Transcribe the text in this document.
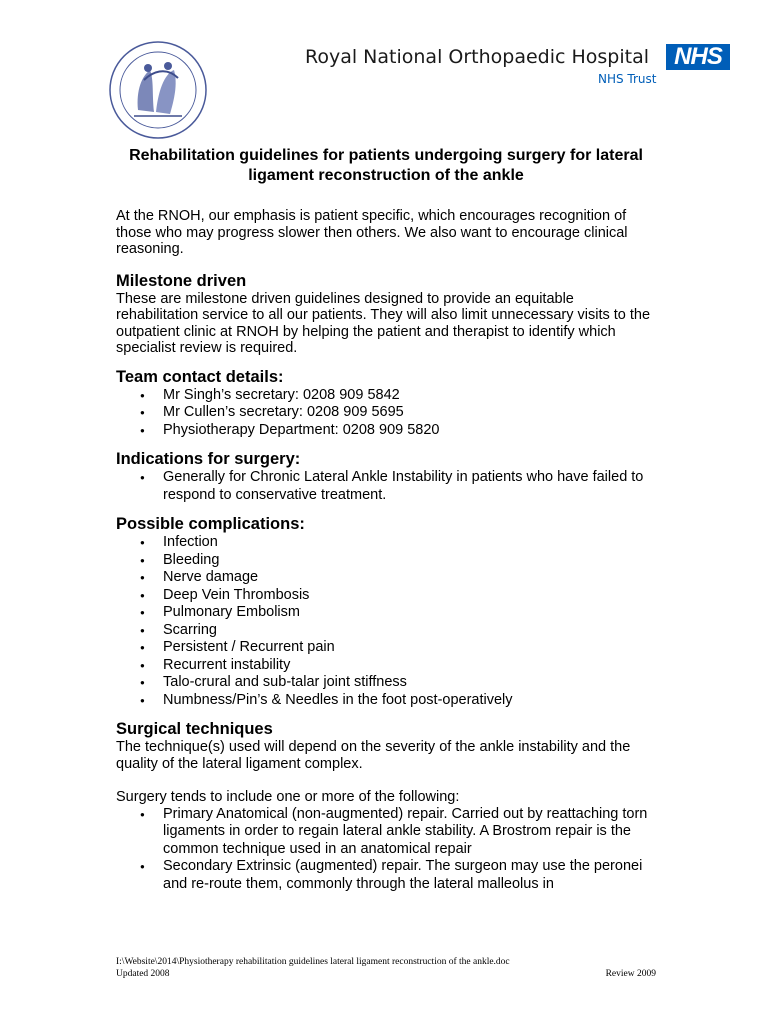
Royal National Orthopaedic Hospital
NHS Trust
NHS
Rehabilitation guidelines for patients undergoing surgery for lateral ligament reconstruction of the ankle

At the RNOH, our emphasis is patient specific, which encourages recognition of those who may progress slower then others. We also want to encourage clinical reasoning.

Milestone driven

These are milestone driven guidelines designed to provide an equitable rehabilitation service to all our patients. They will also limit unnecessary visits to the outpatient clinic at RNOH by helping the patient and therapist to identify which specialist review is required.

Team contact details:
● Mr Singh’s secretary: 0208 909 5842
● Mr Cullen’s secretary: 0208 909 5695
● Physiotherapy Department: 0208 909 5820
Indications for surgery:
● Generally for Chronic Lateral Ankle Instability in patients who have failed to respond to conservative treatment.
Possible complications:
● Infection
● Bleeding
● Nerve damage
● Deep Vein Thrombosis
● Pulmonary Embolism
● Scarring
● Persistent / Recurrent pain
● Recurrent instability
● Talo-crural and sub-talar joint stiffness
● Numbness/Pin’s & Needles in the foot post-operatively
Surgical techniques

The technique(s) used will depend on the severity of the ankle instability and the quality of the lateral ligament complex.

Surgery tends to include one or more of the following:

● Primary Anatomical (non-augmented) repair. Carried out by reattaching torn ligaments in order to regain lateral ankle stability. A Brostrom repair is the common technique used in an anatomical repair
● Secondary Extrinsic (augmented) repair. The surgeon may use the peronei and re-route them, commonly through the lateral malleolus in
I:\Website\2014\Physiotherapy rehabilitation guidelines lateral ligament reconstruction of the ankle.doc
Updated 2008	Review 2009
